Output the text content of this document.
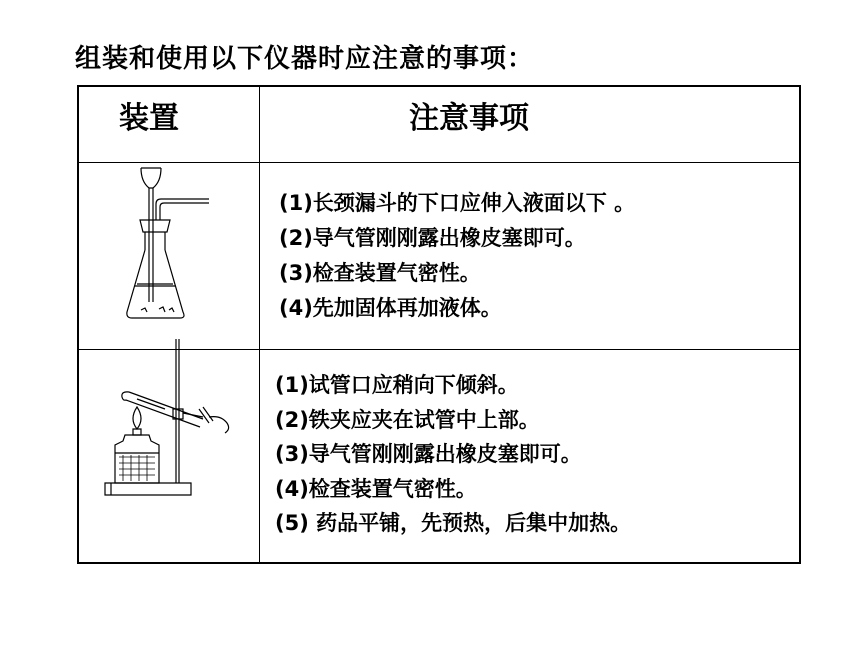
组装和使用以下仪器时应注意的事项：
装置	注意事项
(1)长颈漏斗的下口应伸入液面以下 。
(2)导气管刚刚露出橡皮塞即可。
(3)检查装置气密性。
(4)先加固体再加液体。
(1)试管口应稍向下倾斜。
(2)铁夹应夹在试管中上部。
(3)导气管刚刚露出橡皮塞即可。
(4)检查装置气密性。
(5) 药品平铺，先预热，后集中加热。
